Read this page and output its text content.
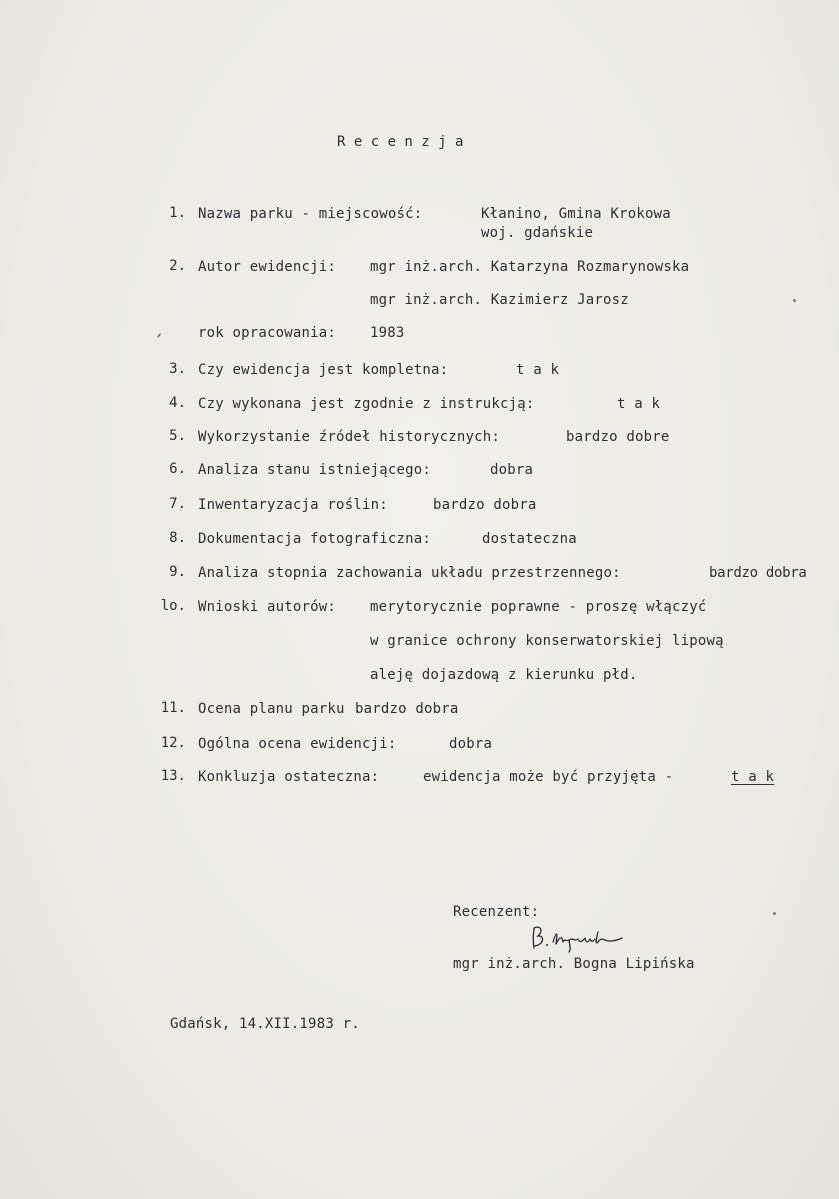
R e c e n z j a
1. Nazwa parku - miejscowość:	Kłanino, Gmina Krokowa
woj. gdańskie
2. Autor ewidencji: mgr inż.arch. Katarzyna Rozmarynowska
mgr inż.arch. Kazimierz Jarosz
rok opracowania: 1983
3. Czy ewidencja jest kompletna:	t a k
4. Czy wykonana jest zgodnie z instrukcją:	t a k
5. Wykorzystanie źródeł historycznych:	bardzo dobre
6. Analiza stanu istniejącego:	dobra
7. Inwentaryzacja roślin:	bardzo dobra
8. Dokumentacja fotograficzna:	dostateczna
9. Analiza stopnia zachowania układu przestrzennego:	bardzo dobra
lo. Wnioski autorów: merytorycznie poprawne - proszę włączyć
w granice ochrony konserwatorskiej lipową
aleję dojazdową z kierunku płd.
11. Ocena planu parku bardzo dobra
12. Ogólna ocena ewidencji:	dobra
13. Konkluzja ostateczna:	ewidencja może być przyjęta -	t a k
Recenzent:
mgr inż.arch. Bogna Lipińska
Gdańsk, 14.XII.1983 r.
